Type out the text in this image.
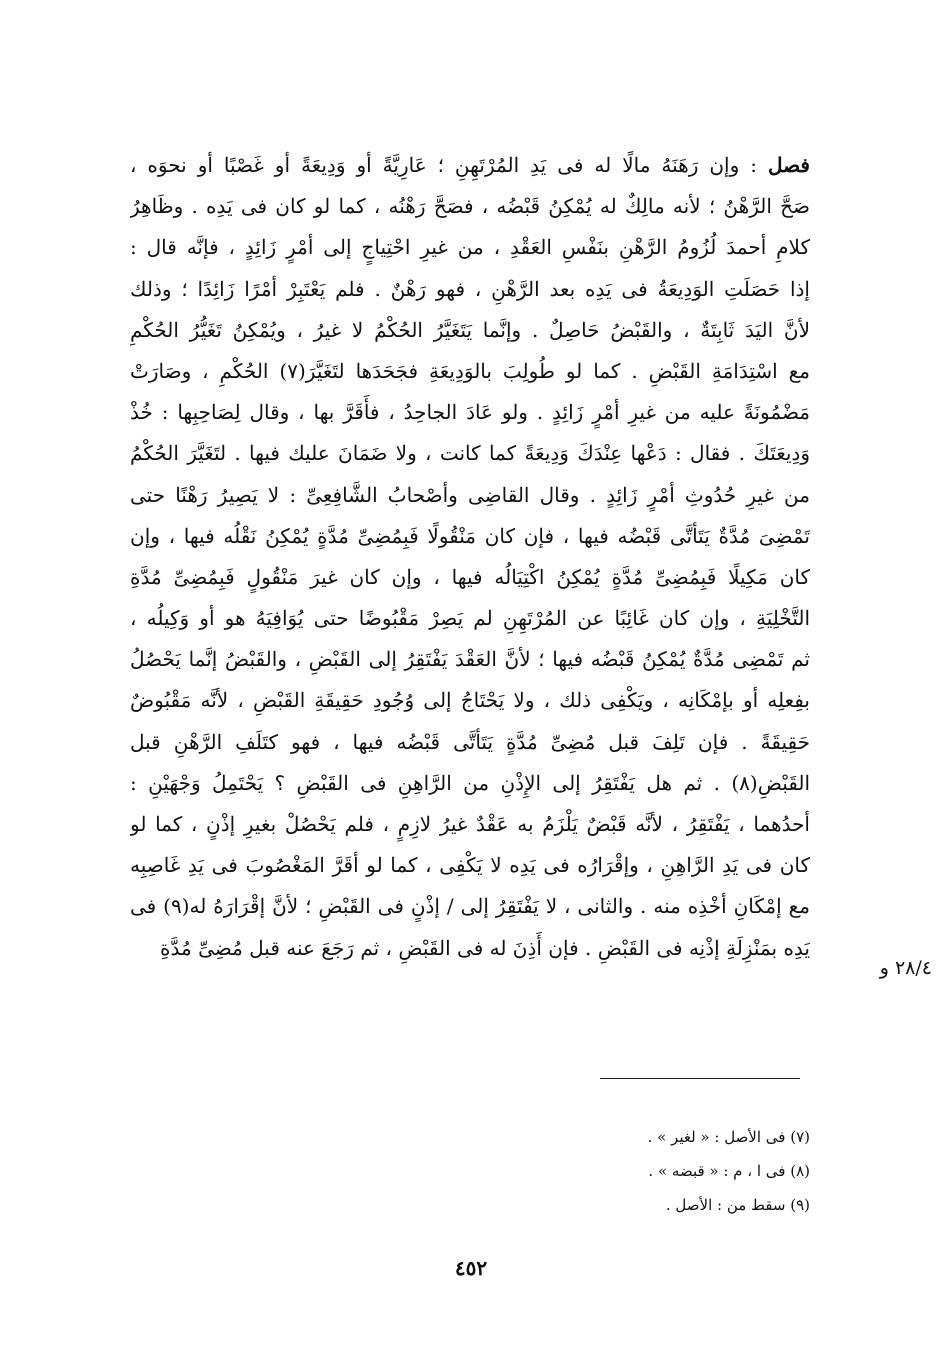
فصل : وإن رَهَنَهُ مالًا له فى يَدِ المُرْتَهِنِ ؛ عَارِيَّةً أو وَدِيعَةً أو غَصْبًا أو نحوَه ،
صَحَّ الرَّهْنُ ؛ لأنه مالِكٌ له يُمْكِنُ قَبْضُه ، فصَحَّ رَهْنُه ، كما لو كان فى يَدِه . وظَاهِرُ
كلامِ أحمدَ لُزُومُ الرَّهْنِ بنَفْسِ العَقْدِ ، من غيرِ احْتِياجٍ إلى أمْرٍ زَائِدٍ ، فإنَّه قال :
إذا حَصَلَتِ الوَدِيعَةُ فى يَدِه بعد الرَّهْنِ ، فهو رَهْنٌ . فلم يَعْتَبِرْ أمْرًا زَائِدًا ؛ وذلك
لأنَّ اليَدَ ثَابِتَةٌ ، والقَبْضُ حَاصِلٌ . وإنَّما يَتَغَيَّرُ الحُكْمُ لا غيرُ ، ويُمْكِنُ تَغَيُّرُ الحُكْمِ
مع اسْتِدَامَةِ القَبْضِ . كما لو طُولِبَ بالوَدِيعَةِ فجَحَدَها لتَغَيَّرَ(٧) الحُكْمِ ، وصَارَتْ
مَضْمُونَةً عليه من غيرِ أمْرٍ زَائِدٍ . ولو عَادَ الجاحِدُ ، فأَقَرَّ بها ، وقال لِصَاحِبِها : خُذْ
وَدِيعَتَكَ . فقال : دَعْها عِنْدَكَ وَدِيعَةً كما كانت ، ولا ضَمَانَ عليك فيها . لتَغَيَّرَ الحُكْمُ
من غيرِ حُدُوثِ أمْرٍ زَائِدٍ . وقال القاضِى وأصْحابُ الشَّافِعِىِّ : لا يَصِيرُ رَهْنًا حتى
تَمْضِىَ مُدَّةٌ يَتَأتَّى قَبْضُه فيها ، فإن كان مَنْقُولًا فَبِمُضِىِّ مُدَّةٍ يُمْكِنُ نَقْلُه فيها ، وإن
كان مَكِيلًا فَبِمُضِىِّ مُدَّةٍ يُمْكِنُ اكْتِيَالُه فيها ، وإن كان غيرَ مَنْقُولٍ فَبِمُضِىِّ مُدَّةِ
التَّخْلِيَةِ ، وإن كان غَائِبًا عن المُرْتَهِنِ لم يَصِرْ مَقْبُوضًا حتى يُوَافِيَهُ هو أو وَكِيلُه ،
ثم تَمْضِى مُدَّةٌ يُمْكِنُ قَبْضُه فيها ؛ لأنَّ العَقْدَ يَفْتَقِرُ إلى القَبْضِ ، والقَبْضُ إنَّما يَحْصُلُ
بفِعلِه أو بإمْكَانِه ، ويَكْفِى ذلك ، ولا يَحْتَاجُ إلى وُجُودِ حَقِيقَةِ القَبْضِ ، لأنَّه مَقْبُوضٌ
حَقِيقَةً . فإن تَلِفَ قبل مُضِىِّ مُدَّةٍ يَتَأتَّى قَبْضُه فيها ، فهو كتَلَفِ الرَّهْنِ قبل
القَبْضِ(٨) . ثم هل يَفْتَقِرُ إلى الإِذْنِ من الرَّاهِنِ فى القَبْضِ ؟ يَحْتَمِلُ وَجْهَيْنِ :
أحدُهما ، يَفْتَقِرُ ، لأنَّه قَبْضٌ يَلْزَمُ به عَقْدٌ غيرُ لازِمٍ ، فلم يَحْصُلْ بغيرِ إذْنٍ ، كما لو
كان فى يَدِ الرَّاهِنِ ، وإقْرَارُه فى يَدِه لا يَكْفِى ، كما لو أقَرَّ المَغْصُوبَ فى يَدِ غَاصِبِه
مع إمْكَانِ أخْذِه منه . والثانى ، لا يَفْتَقِرُ إلى / إذْنٍ فى القَبْضِ ؛ لأنَّ إقْرَارَهُ له(٩) فى
يَدِه بمَنْزِلَةِ إذْنِه فى القَبْضِ . فإن أَذِنَ له فى القَبْضِ ، ثم رَجَعَ عنه قبل مُضِىِّ مُدَّةِ
٢٨/٤ و
(٧) فى الأصل : « لغير » .
(٨) فى ا ، م : « قبضه » .
(٩) سقط من : الأصل .
٤٥٢
